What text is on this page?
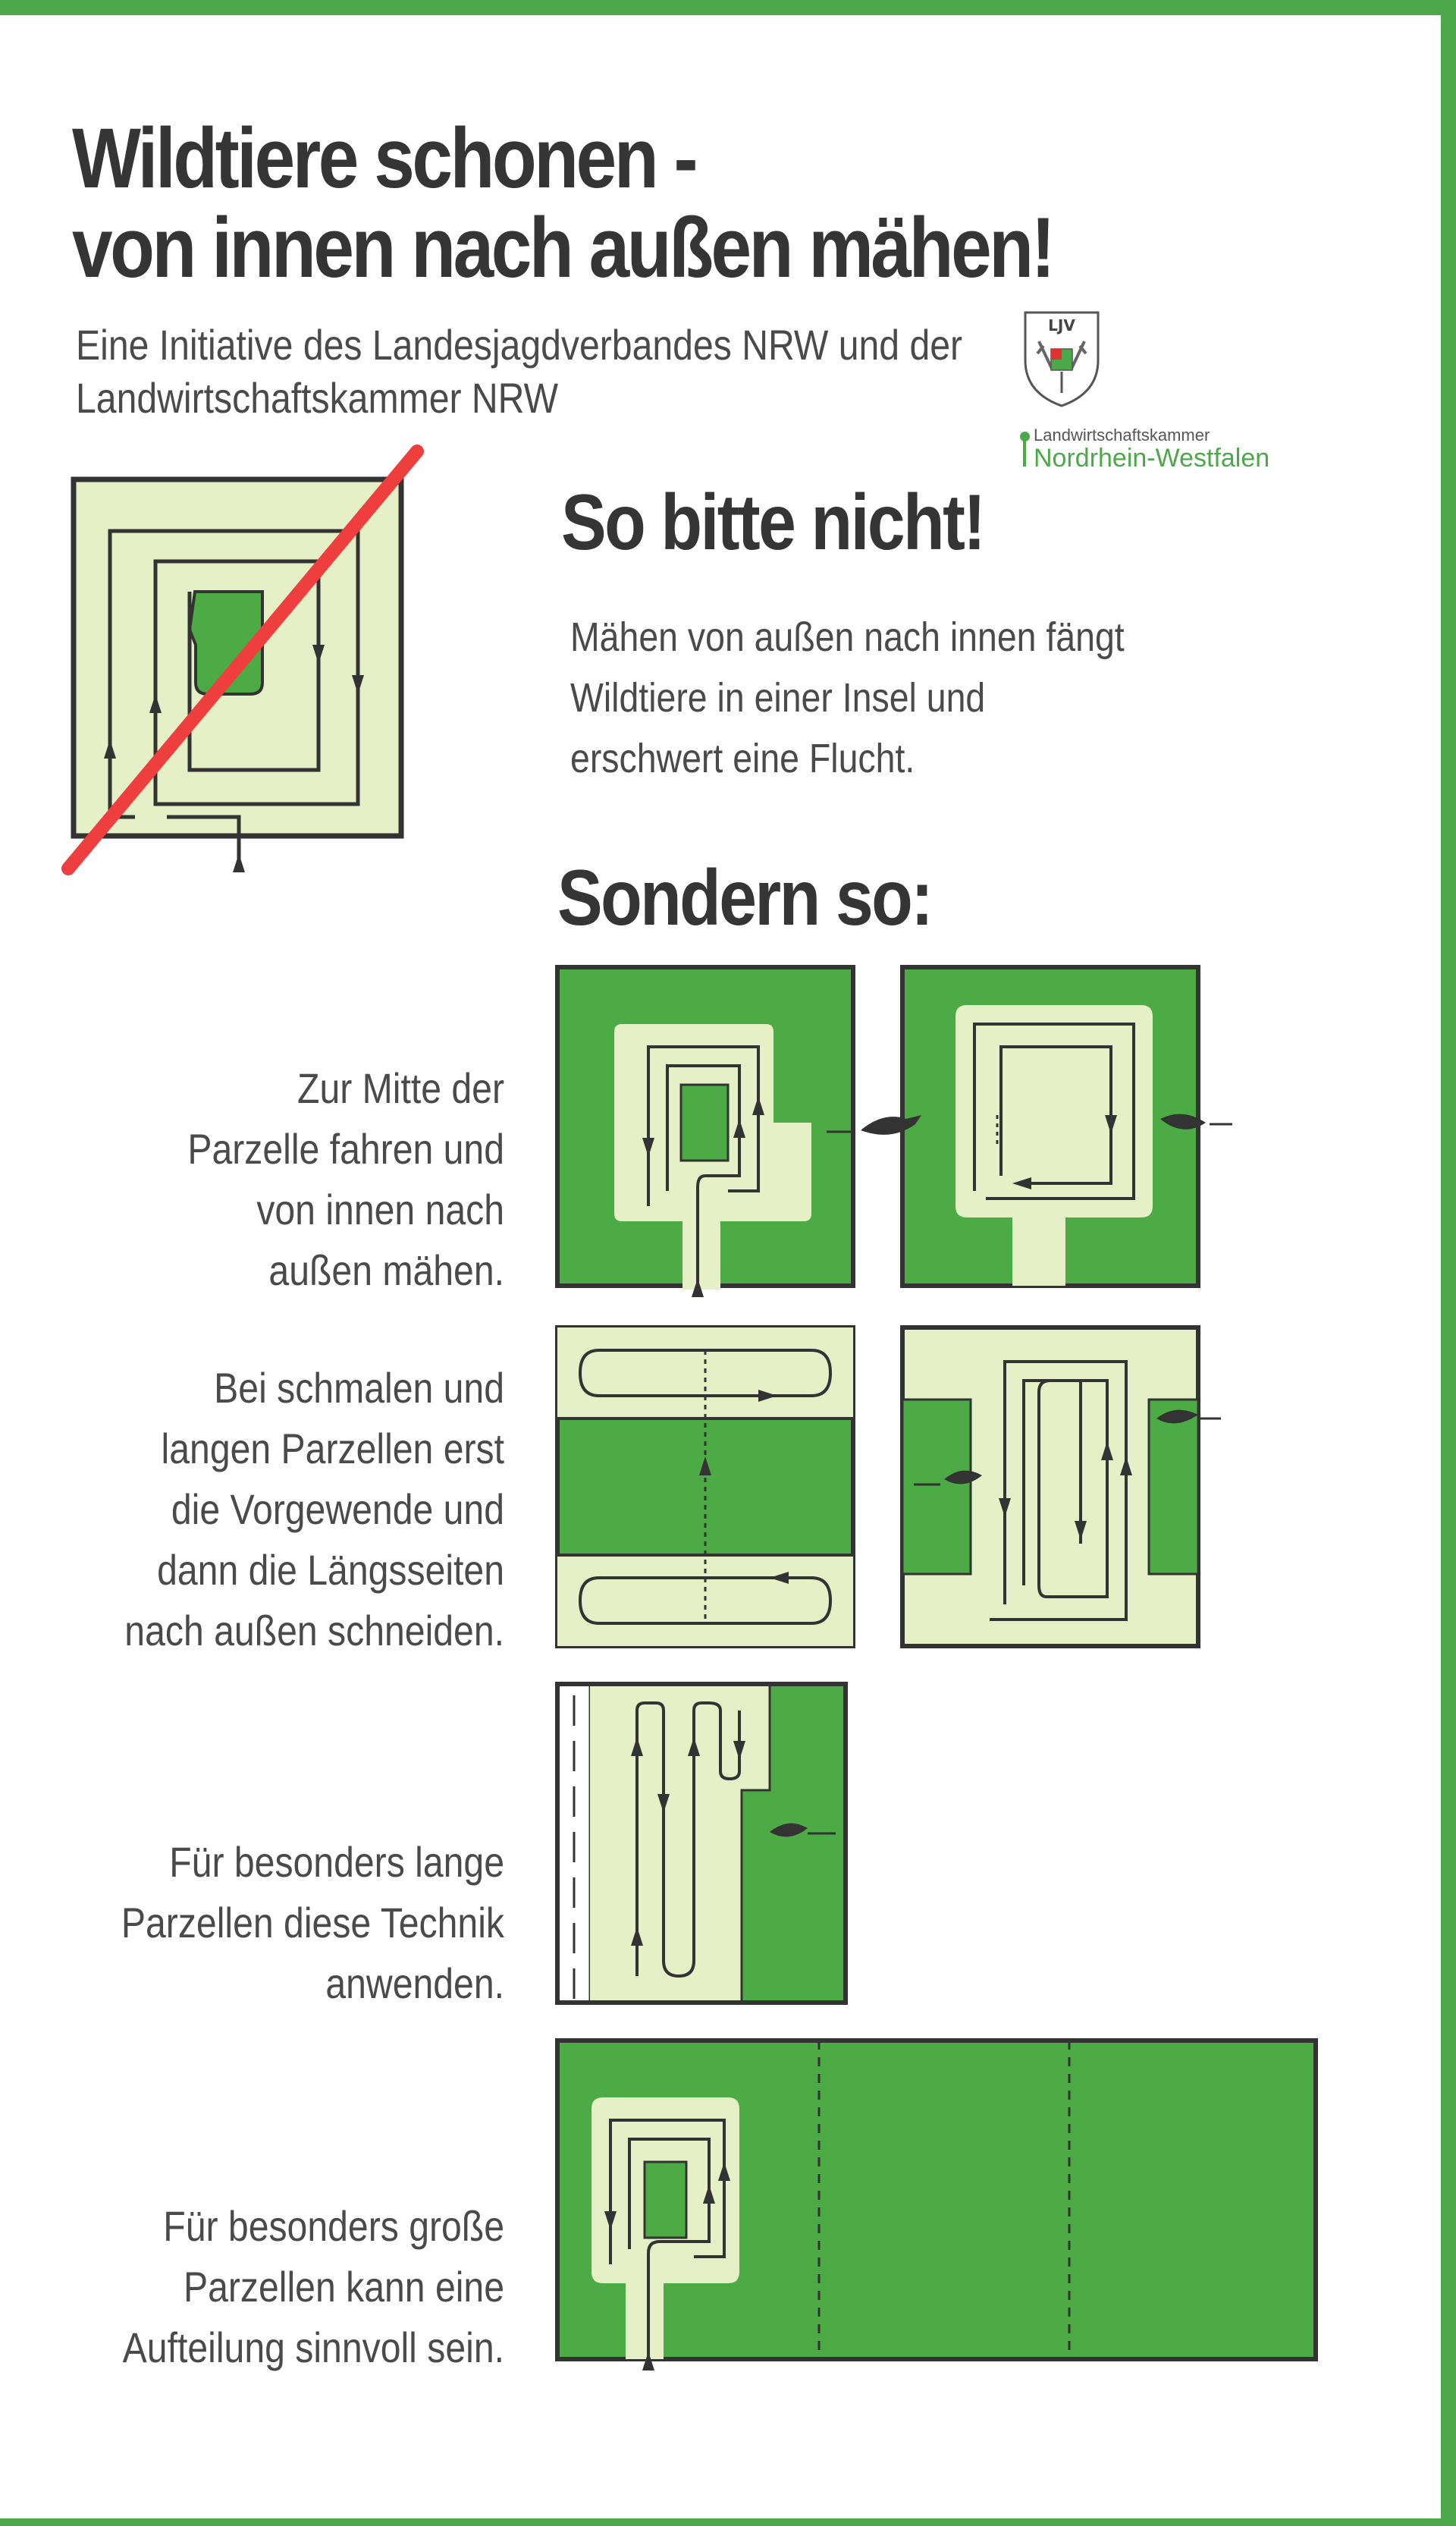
Wildtiere schonen -
von innen nach außen mähen!
Eine Initiative des Landesjagdverbandes NRW und der
Landwirtschaftskammer NRW
LJV
Landwirtschaftskammer
Nordrhein-Westfalen
So bitte nicht!
Mähen von außen nach innen fängt
Wildtiere in einer Insel und
erschwert eine Flucht.
Sondern so:
Zur Mitte der
Parzelle fahren und
von innen nach
außen mähen.
Bei schmalen und
langen Parzellen erst
die Vorgewende und
dann die Längsseiten
nach außen schneiden.
Für besonders lange
Parzellen diese Technik
anwenden.
Für besonders große
Parzellen kann eine
Aufteilung sinnvoll sein.
